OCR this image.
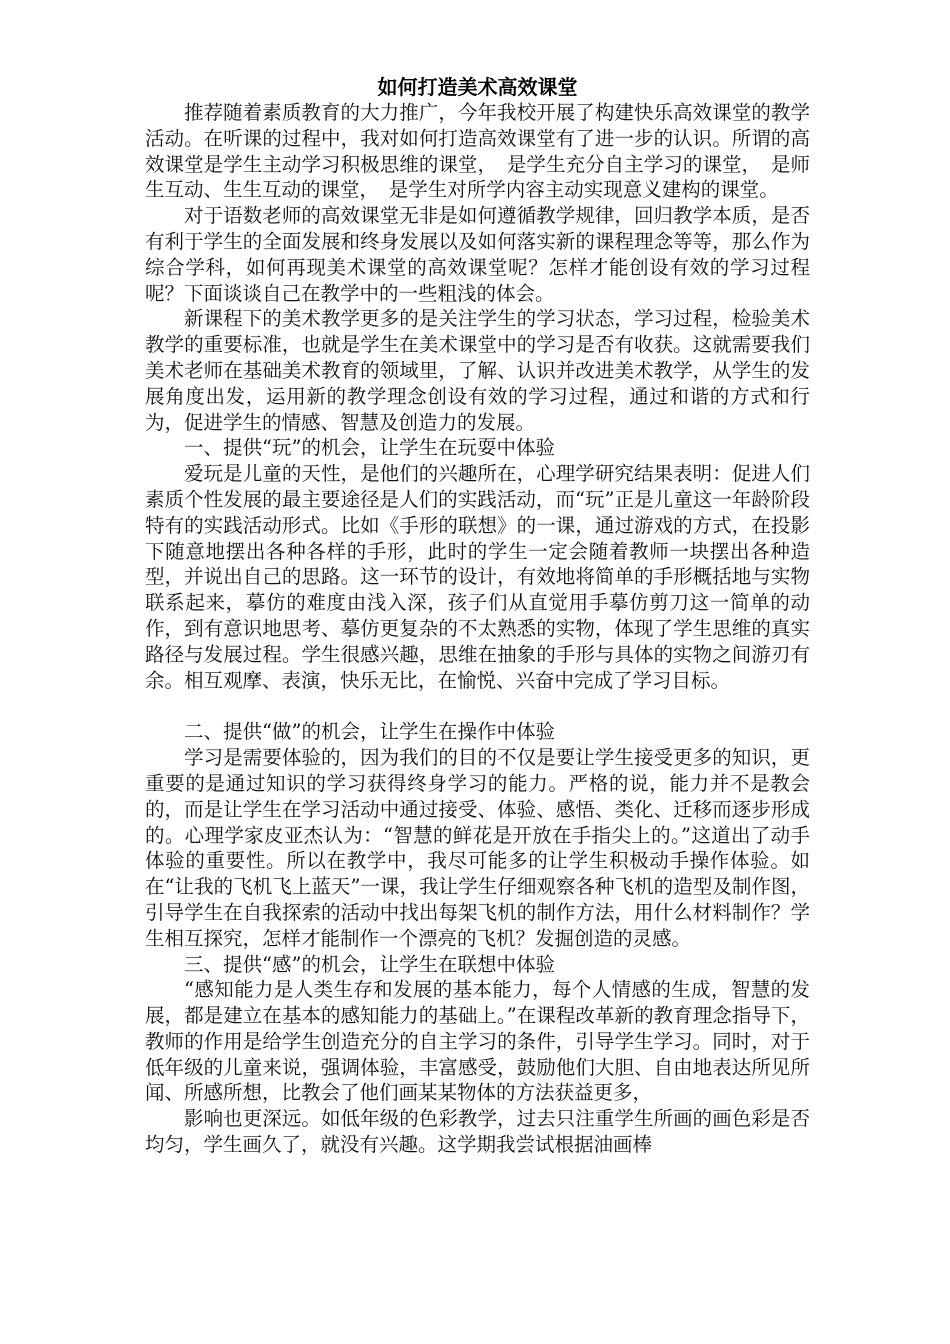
如何打造美术高效课堂

推荐随着素质教育的大力推广，今年我校开展了构建快乐高效课堂的教学活动。在听课的过程中，我对如何打造高效课堂有了进一步的认识。所谓的高效课堂是学生主动学习积极思维的课堂，　是学生充分自主学习的课堂，　是师生互动、生生互动的课堂，　是学生对所学内容主动实现意义建构的课堂。

对于语数老师的高效课堂无非是如何遵循教学规律，回归教学本质，是否有利于学生的全面发展和终身发展以及如何落实新的课程理念等等，那么作为综合学科，如何再现美术课堂的高效课堂呢？怎样才能创设有效的学习过程呢？下面谈谈自己在教学中的一些粗浅的体会。

新课程下的美术教学更多的是关注学生的学习状态，学习过程，检验美术教学的重要标准，也就是学生在美术课堂中的学习是否有收获。这就需要我们美术老师在基础美术教育的领域里，了解、认识并改进美术教学，从学生的发展角度出发，运用新的教学理念创设有效的学习过程，通过和谐的方式和行为，促进学生的情感、智慧及创造力的发展。

一、提供“玩”的机会，让学生在玩耍中体验

爱玩是儿童的天性，是他们的兴趣所在，心理学研究结果表明：促进人们素质个性发展的最主要途径是人们的实践活动，而“玩”正是儿童这一年龄阶段特有的实践活动形式。比如《手形的联想》的一课，通过游戏的方式，在投影下随意地摆出各种各样的手形，此时的学生一定会随着教师一块摆出各种造型，并说出自己的思路。这一环节的设计，有效地将简单的手形概括地与实物联系起来，摹仿的难度由浅入深，孩子们从直觉用手摹仿剪刀这一简单的动作，到有意识地思考、摹仿更复杂的不太熟悉的实物，体现了学生思维的真实路径与发展过程。学生很感兴趣，思维在抽象的手形与具体的实物之间游刃有余。相互观摩、表演，快乐无比，在愉悦、兴奋中完成了学习目标。

二、提供“做”的机会，让学生在操作中体验

学习是需要体验的，因为我们的目的不仅是要让学生接受更多的知识，更重要的是通过知识的学习获得终身学习的能力。严格的说，能力并不是教会的，而是让学生在学习活动中通过接受、体验、感悟、类化、迁移而逐步形成的。心理学家皮亚杰认为：“智慧的鲜花是开放在手指尖上的。”这道出了动手体验的重要性。所以在教学中，我尽可能多的让学生积极动手操作体验。如在“让我的飞机飞上蓝天”一课，我让学生仔细观察各种飞机的造型及制作图，引导学生在自我探索的活动中找出每架飞机的制作方法，用什么材料制作？学生相互探究，怎样才能制作一个漂亮的飞机？发掘创造的灵感。

三、提供“感”的机会，让学生在联想中体验

“感知能力是人类生存和发展的基本能力，每个人情感的生成，智慧的发展，都是建立在基本的感知能力的基础上。”在课程改革新的教育理念指导下，教师的作用是给学生创造充分的自主学习的条件，引导学生学习。同时，对于低年级的儿童来说，强调体验，丰富感受，鼓励他们大胆、自由地表达所见所闻、所感所想，比教会了他们画某某物体的方法获益更多，

影响也更深远。如低年级的色彩教学，过去只注重学生所画的画色彩是否均匀，学生画久了，就没有兴趣。这学期我尝试根据油画棒
